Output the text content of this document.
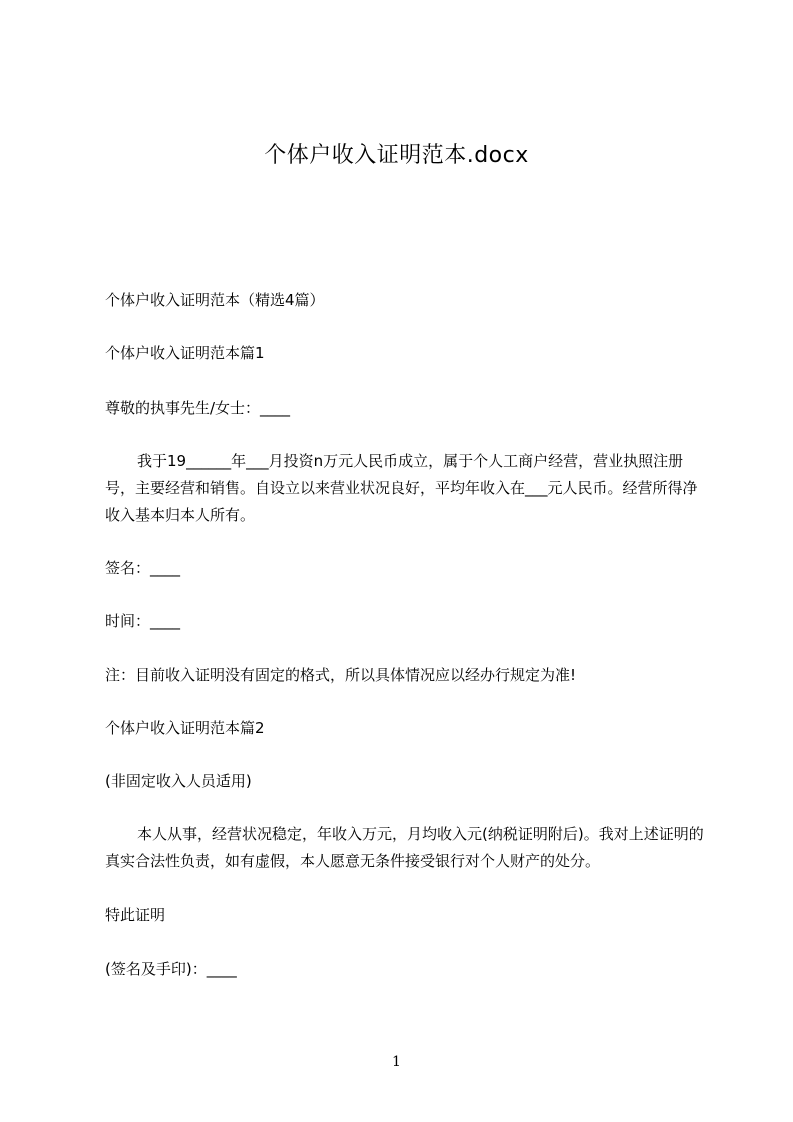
个体户收入证明范本.docx

个体户收入证明范本（精选4篇）

个体户收入证明范本篇1

尊敬的执事先生/女士：____

我于19______年___月投资n万元人民币成立，属于个人工商户经营，营业执照注册号，主要经营和销售。自设立以来营业状况良好，平均年收入在___元人民币。经营所得净收入基本归本人所有。

签名：____

时间：____

注：目前收入证明没有固定的格式，所以具体情况应以经办行规定为准!

个体户收入证明范本篇2

(非固定收入人员适用)

本人从事，经营状况稳定，年收入万元，月均收入元(纳税证明附后)。我对上述证明的真实合法性负责，如有虚假，本人愿意无条件接受银行对个人财产的处分。

特此证明

(签名及手印)：____

1
